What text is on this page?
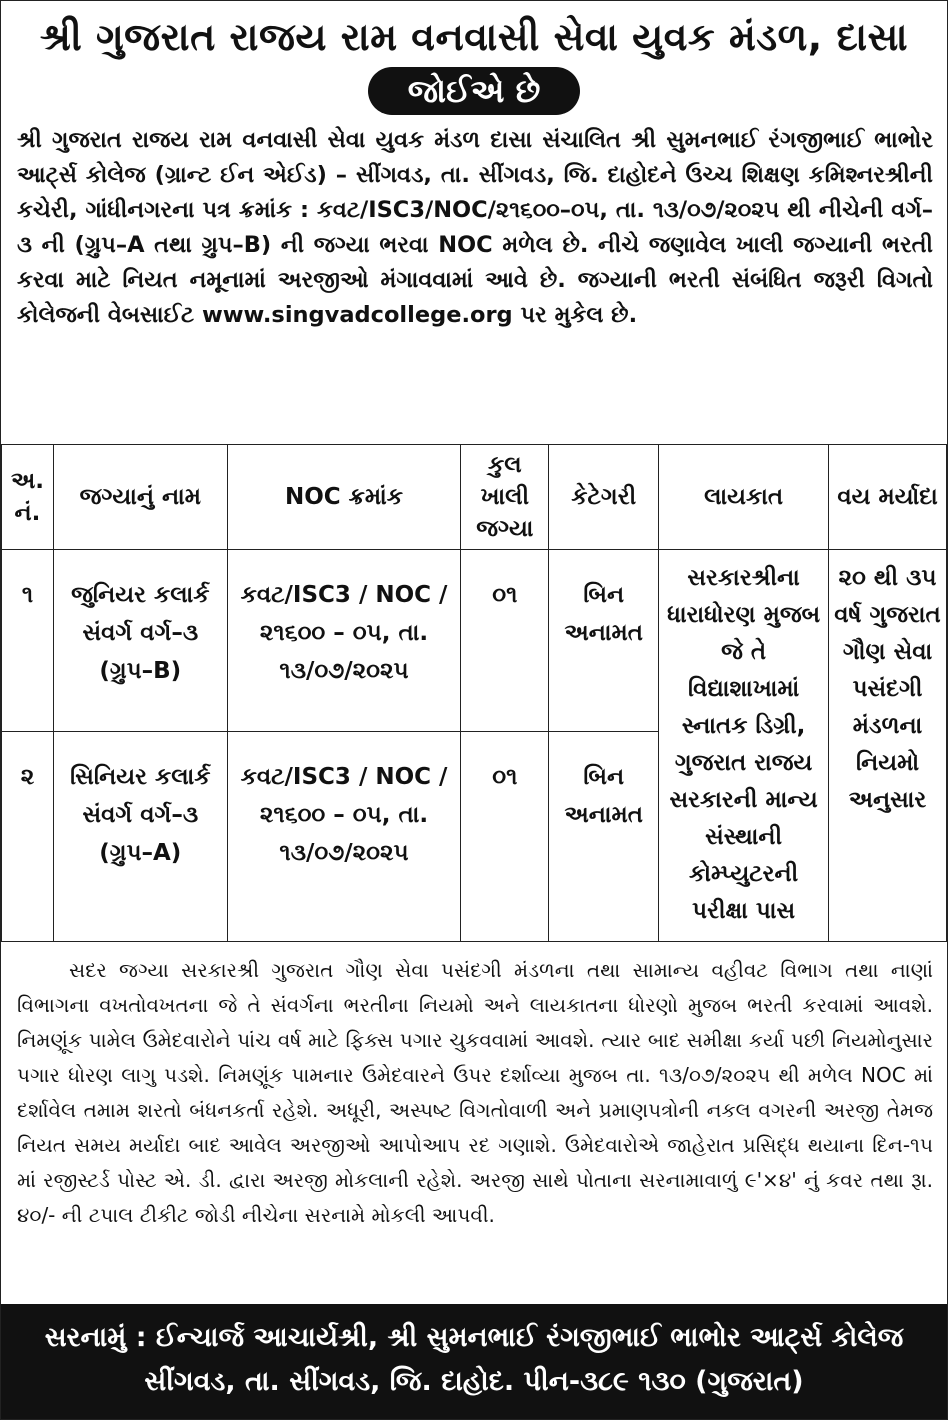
શ્રી ગુજરાત રાજય રામ વનવાસી સેવા યુવક મંડળ, દાસા
જોઈએ છે
શ્રી ગુજરાત રાજય રામ વનવાસી સેવા યુવક મંડળ દાસા સંચાલિત શ્રી સુમનભાઈ રંગજીભાઈ ભાભોર આર્ટ્સ કોલેજ (ગ્રાન્ટ ઈન એઈડ) – સીંગવડ, તા. સીંગવડ, જિ. દાહોદને ઉચ્ચ શિક્ષણ કમિશ્નરશ્રીની કચેરી, ગાંધીનગરના પત્ર ક્રમાંક : કવટ/ISC3/NOC/૨૧૬૦૦–૦૫, તા. ૧૩/૦૭/૨૦૨૫ થી નીચેની વર્ગ–૩ ની (ગ્રુપ–A તથા ગ્રુપ–B) ની જગ્યા ભરવા NOC મળેલ છે. નીચે જણાવેલ ખાલી જગ્યાની ભરતી કરવા માટે નિયત નમૂનામાં અરજીઓ મંગાવવામાં આવે છે. જગ્યાની ભરતી સંબંધિત જરૂરી વિગતો કોલેજની વેબસાઈટ www.singvadcollege.org પર મુકેલ છે.
અ. નં.	જગ્યાનું નામ	NOC ક્રમાંક	કુલ ખાલી જગ્યા	કેટેગરી	લાયકાત	વય મર્યાદા
૧	જુનિયર કલાર્ક સંવર્ગ વર્ગ–૩ (ગ્રુપ–B)	કવટ/ISC3 / NOC /૨૧૬૦૦ – ૦૫, તા. ૧૩/૦૭/૨૦૨૫	૦૧	બિન અનામત	સરકારશ્રીના ધારાધોરણ મુજબ જે તે વિદ્યાશાખામાં સ્નાતક ડિગ્રી, ગુજરાત રાજય સરકારની માન્ય સંસ્થાની કોમ્પ્યુટરની પરીક્ષા પાસ	૨૦ થી ૩૫ વર્ષ ગુજરાત ગૌણ સેવા પસંદગી મંડળના નિયમો અનુસાર
૨	સિનિયર કલાર્ક સંવર્ગ વર્ગ–૩ (ગ્રુપ–A)	કવટ/ISC3 / NOC /૨૧૬૦૦ – ૦૫, તા. ૧૩/૦૭/૨૦૨૫	૦૧	બિન અનામત		
સદર જગ્યા સરકારશ્રી ગુજરાત ગૌણ સેવા પસંદગી મંડળના તથા સામાન્ય વહીવટ વિભાગ તથા નાણાં વિભાગના વખતોવખતના જે તે સંવર્ગના ભરતીના નિયમો અને લાયકાતના ધોરણો મુજબ ભરતી કરવામાં આવશે. નિમણૂંક પામેલ ઉમેદવારોને પાંચ વર્ષ માટે ફિક્સ પગાર ચુકવવામાં આવશે. ત્યાર બાદ સમીક્ષા કર્યા પછી નિયમોનુસાર પગાર ધોરણ લાગુ પડશે. નિમણૂંક પામનાર ઉમેદવારને ઉપર દર્શાવ્યા મુજબ તા. ૧૩/૦૭/૨૦૨૫ થી મળેલ NOC માં દર્શાવેલ તમામ શરતો બંધનકર્તા રહેશે. અધૂરી, અસ્પષ્ટ વિગતોવાળી અને પ્રમાણપત્રોની નકલ વગરની અરજી તેમજ નિયત સમય મર્યાદા બાદ આવેલ અરજીઓ આપોઆપ રદ ગણાશે. ઉમેદવારોએ જાહેરાત પ્રસિદ્ધ થયાના દિન-૧૫ માં રજીસ્ટર્ડ પોસ્ટ એ. ડી. દ્વારા અરજી મોકલાની રહેશે. અરજી સાથે પોતાના સરનામાવાળું ૯'×૪' નું કવર તથા રૂા. ૪૦/- ની ટપાલ ટીકીટ જોડી નીચેના સરનામે મોકલી આપવી.
સરનામું : ઈન્ચાર્જ આચાર્યશ્રી, શ્રી સુમનભાઈ રંગજીભાઈ ભાભોર આર્ટ્સ કોલેજ
સીંગવડ, તા. સીંગવડ, જિ. દાહોદ. પીન-૩૮૯ ૧૩૦ (ગુજરાત)
